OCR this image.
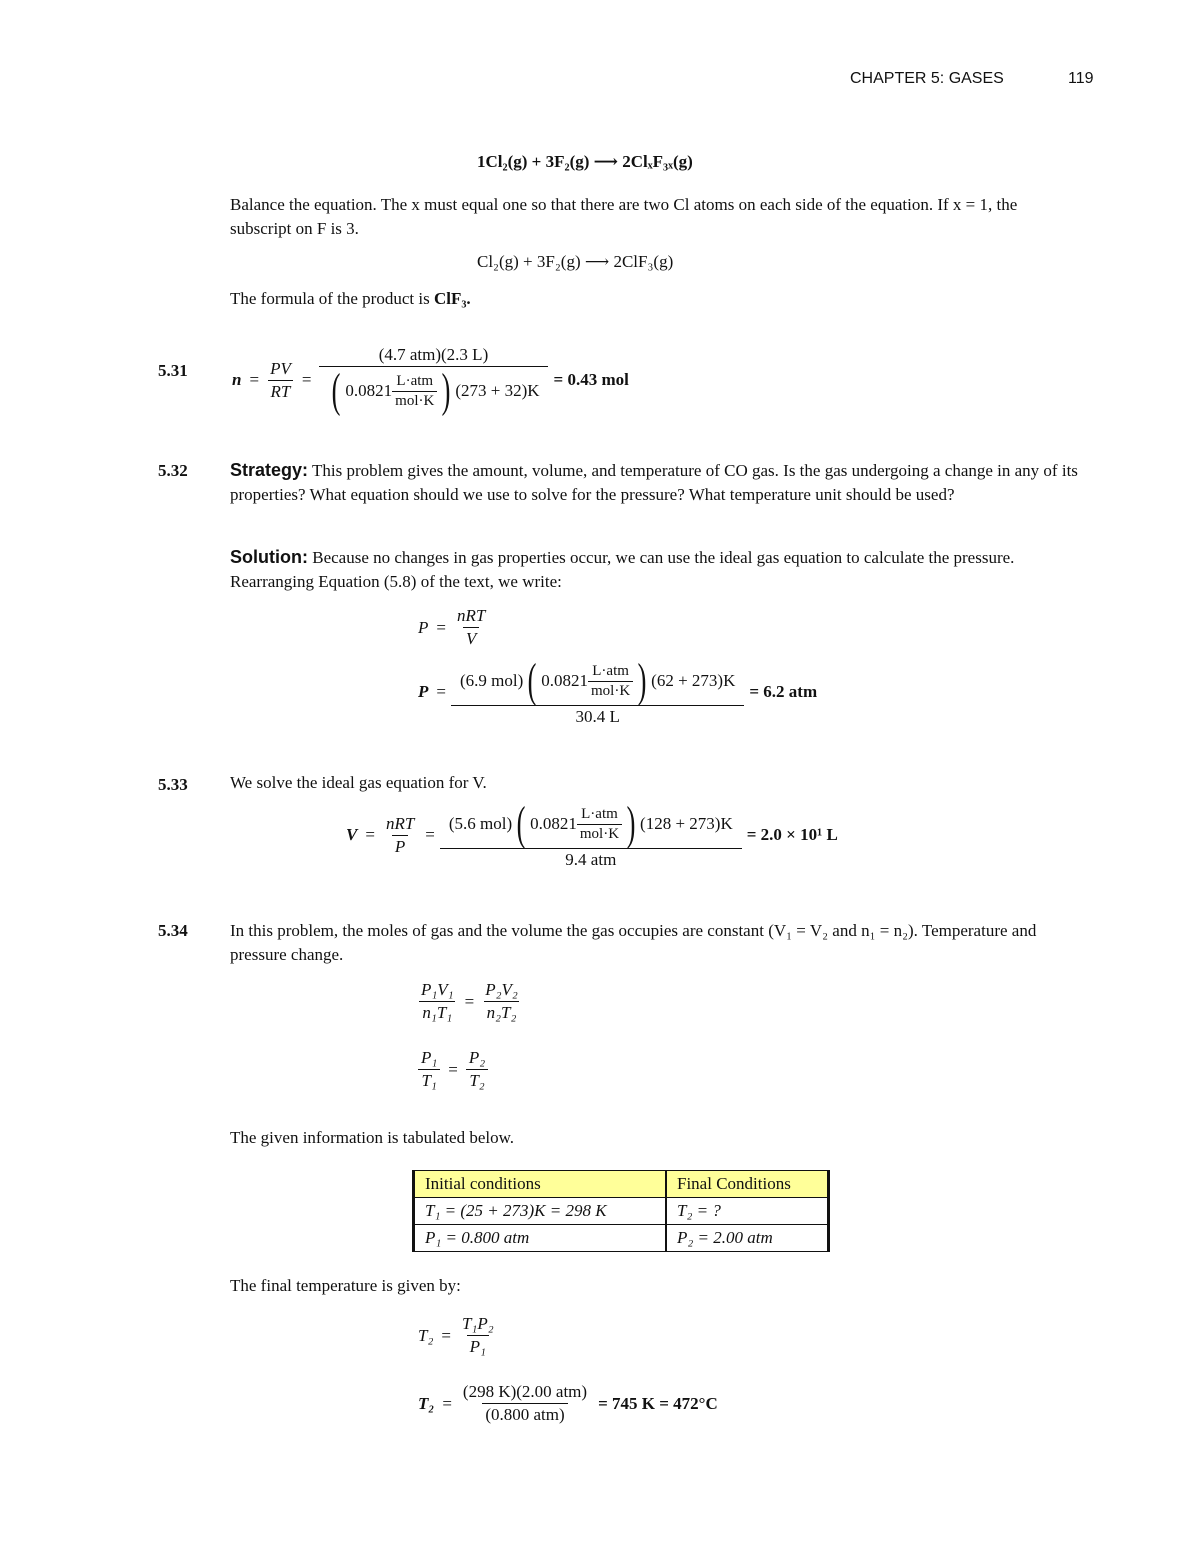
CHAPTER 5: GASES	119
1Cl₂(g) + 3F₂(g) ⟶ 2ClₓF₃ₓ(g)
Balance the equation. The x must equal one so that there are two Cl atoms on each side of the equation. If x = 1, the subscript on F is 3.
Cl₂(g) + 3F₂(g) ⟶ 2ClF₃(g)
The formula of the product is ClF₃.
5.31	$n = \frac{PV}{RT}$ =
(4.7 atm)(2.3 L)
( $0.0821 \frac{\text{L·atm}}{\text{mol·K}}$ ) (273 + 32)K
= 0.43 mol
5.32 Strategy: This problem gives the amount, volume, and temperature of CO gas. Is the gas undergoing a change in any of its properties? What equation should we use to solve for the pressure? What temperature unit should be used?
Solution: Because no changes in gas properties occur, we can use the ideal gas equation to calculate the pressure. Rearranging Equation (5.8) of the text, we write:
$P = \frac{\text{nRT}}{V}$
P =
(6.9 mol) ( $0.0821 \frac{\text{L·atm}}{\text{mol·K}}$ ) (62 + 273)K
30.4 L
= 6.2 atm
5.33 We solve the ideal gas equation for V.
$V = \frac{\text{nRT}}{P}$ =
(5.6 mol) ( $0.0821 \frac{\text{L·atm}}{\text{mol·K}}$ ) (128 + 273)K
9.4 atm
= 2.0 × 10¹ L
5.34 In this problem, the moles of gas and the volume the gas occupies are constant (V₁ = V₂ and n₁ = n₂). Temperature and pressure change.
$\frac{\text{P₁V₁}}{\text{n₁T₁}} = \frac{\text{P₂V₂}}{\text{n₂T₂}}$
$\frac{\text{P₁}}{\text{T₁}} = \frac{\text{P₂}}{\text{T₂}}$
The given information is tabulated below.
Initial conditions	Final Conditions
T₁ = (25 + 273)K = 298 K	T₂ = ?
P₁ = 0.800 atm	P₂ = 2.00 atm
The final temperature is given by:
$T_2 = \frac{\text{T₁P₂}}{\text{P₁}}$
$T_2 = \frac{\text{(298 K)(2.00 atm)}}{\text{(0.800 atm)}} = 745$ K = 472°C
